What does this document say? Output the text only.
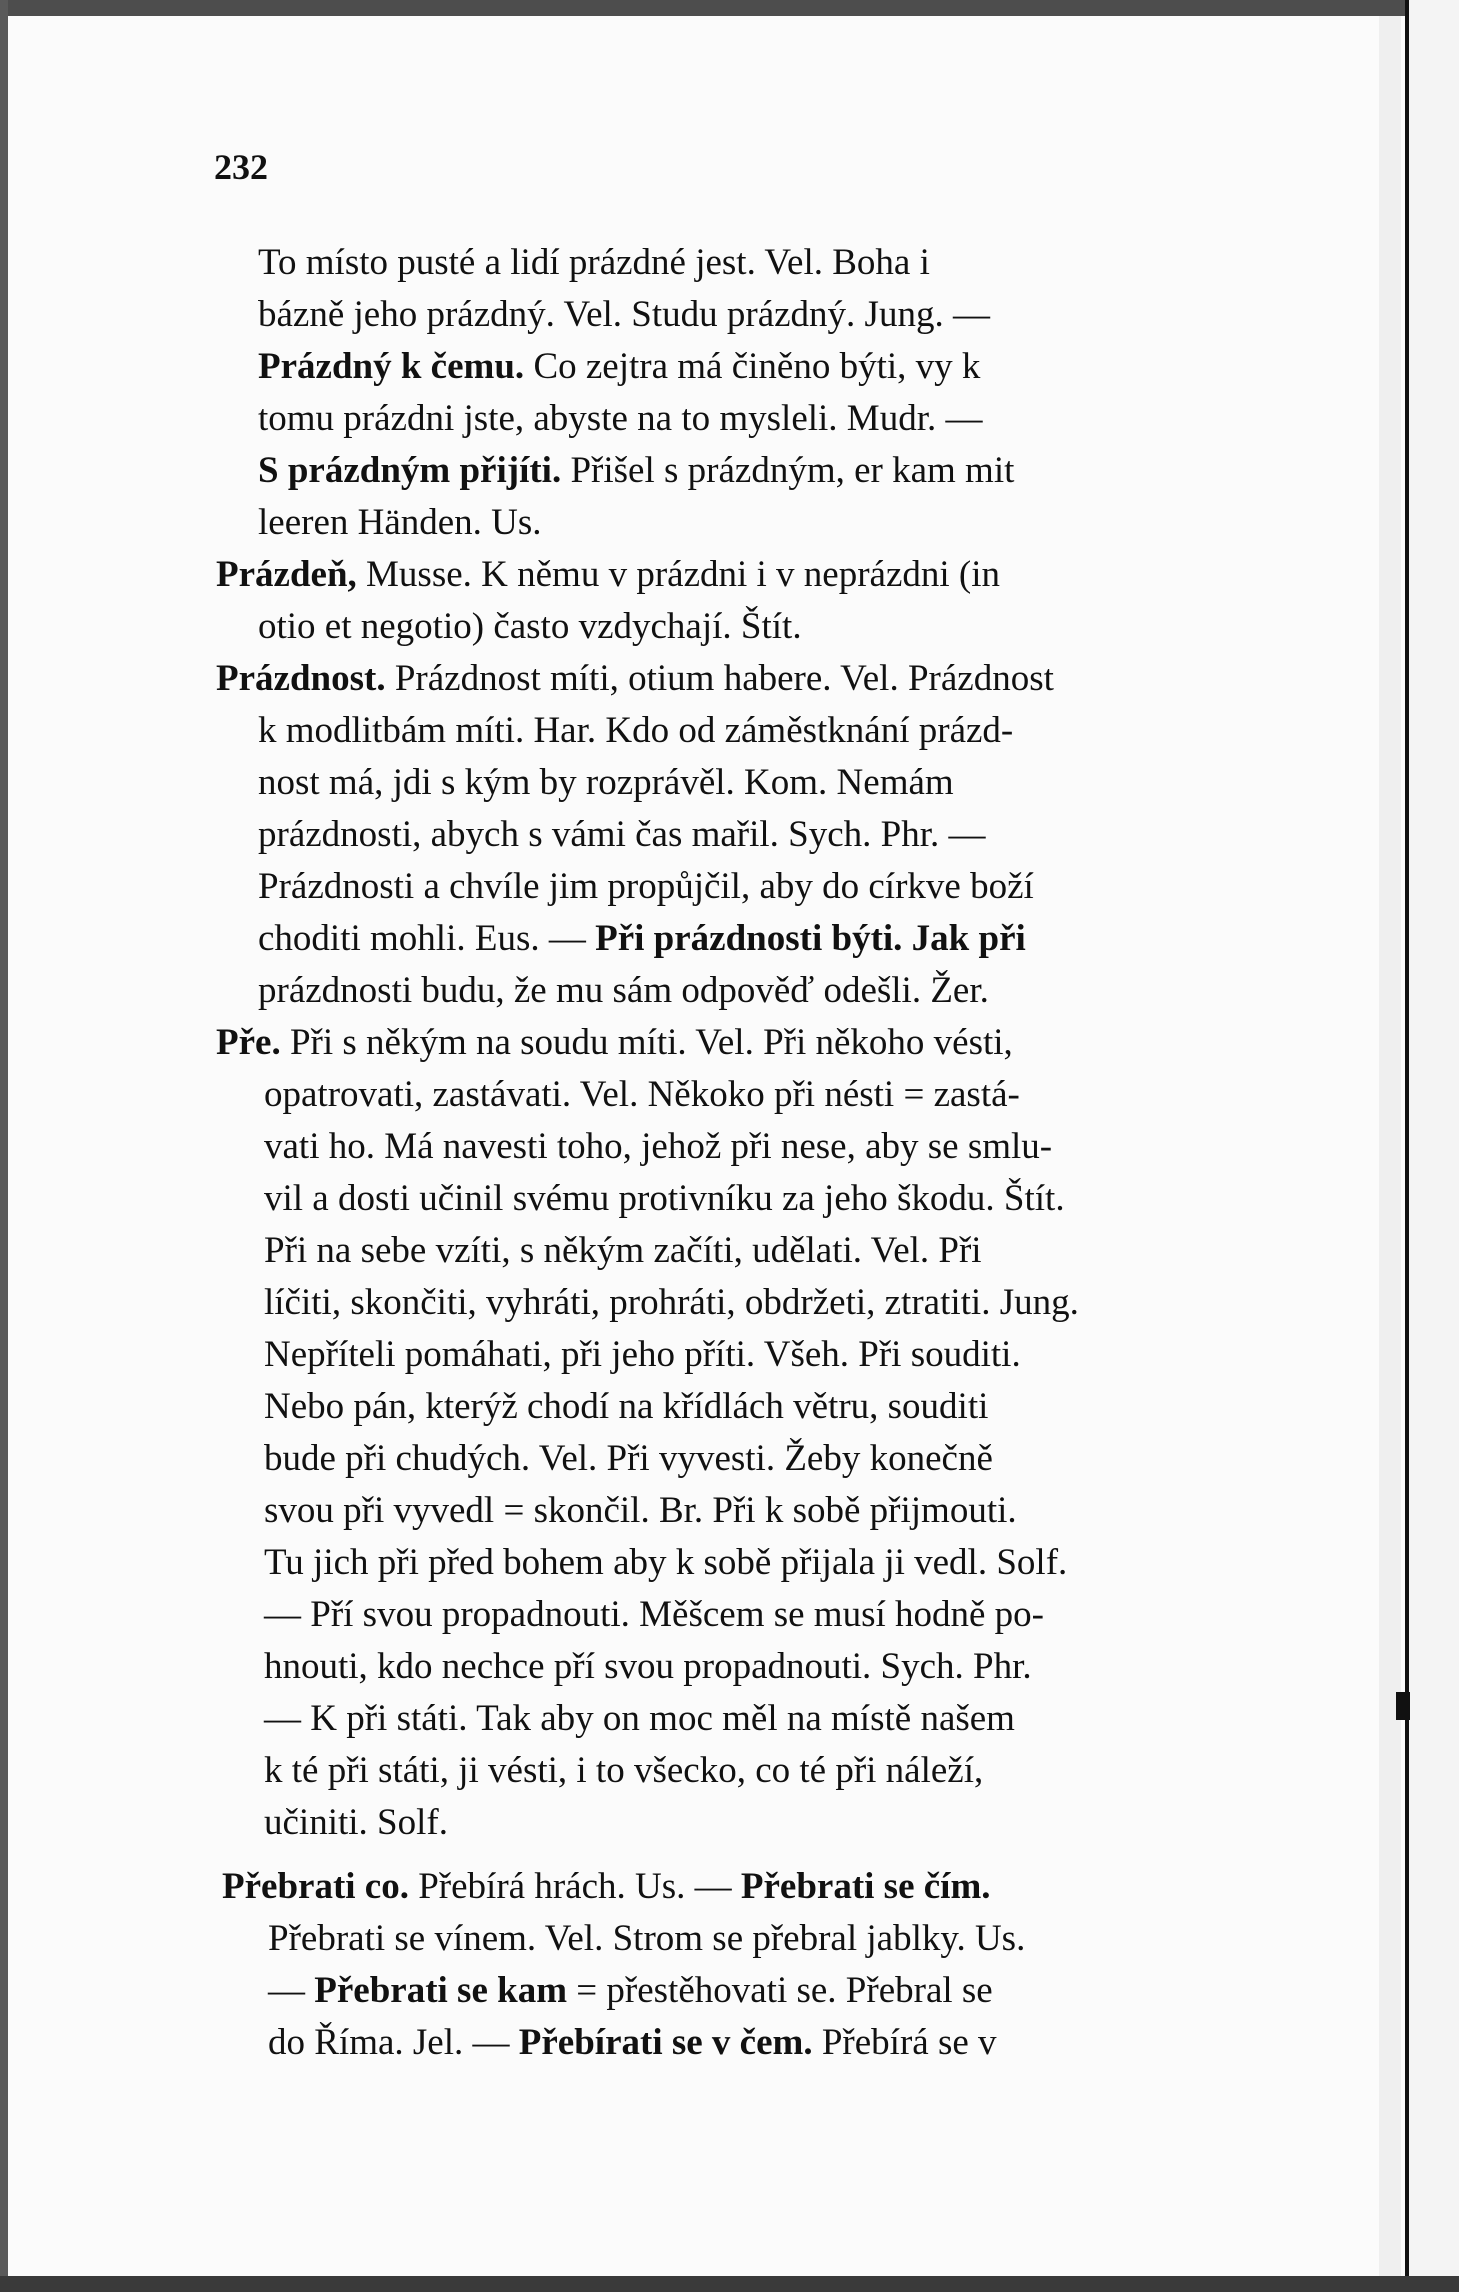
232
To místo pusté a lidí prázdné jest. Vel. Boha i
bázně jeho prázdný. Vel. Studu prázdný. Jung. —
Prázdný k čemu. Co zejtra má činěno býti, vy k
tomu prázdni jste, abyste na to mysleli. Mudr. —
S prázdným přijíti. Přišel s prázdným, er kam mit
leeren Händen. Us.
Prázdeň, Musse. K němu v prázdni i v neprázdni (in
otio et negotio) často vzdychají. Štít.
Prázdnost. Prázdnost míti, otium habere. Vel. Prázdnost
k modlitbám míti. Har. Kdo od záměstknání prázd-
nost má, jdi s kým by rozprávěl. Kom. Nemám
prázdnosti, abych s vámi čas mařil. Sych. Phr. —
Prázdnosti a chvíle jim propůjčil, aby do církve boží
choditi mohli. Eus. — Při prázdnosti býti. Jak při
prázdnosti budu, že mu sám odpověď odešli. Žer.
Pře. Při s někým na soudu míti. Vel. Při někoho vésti,
opatrovati, zastávati. Vel. Někoko při nésti = zastá-
vati ho. Má navesti toho, jehož při nese, aby se smlu-
vil a dosti učinil svému protivníku za jeho škodu. Štít.
Při na sebe vzíti, s někým začíti, udělati. Vel. Při
líčiti, skončiti, vyhráti, prohráti, obdržeti, ztratiti. Jung.
Nepříteli pomáhati, při jeho příti. Všeh. Při souditi.
Nebo pán, kterýž chodí na křídlách větru, souditi
bude při chudých. Vel. Při vyvesti. Žeby konečně
svou při vyvedl = skončil. Br. Při k sobě přijmouti.
Tu jich při před bohem aby k sobě přijala ji vedl. Solf.
— Pří svou propadnouti. Měšcem se musí hodně po-
hnouti, kdo nechce pří svou propadnouti. Sych. Phr.
— K při státi. Tak aby on moc měl na místě našem
k té při státi, ji vésti, i to všecko, co té při náleží,
učiniti. Solf.
Přebrati co. Přebírá hrách. Us. — Přebrati se čím.
Přebrati se vínem. Vel. Strom se přebral jablky. Us.
— Přebrati se kam = přestěhovati se. Přebral se
do Říma. Jel. — Přebírati se v čem. Přebírá se v
